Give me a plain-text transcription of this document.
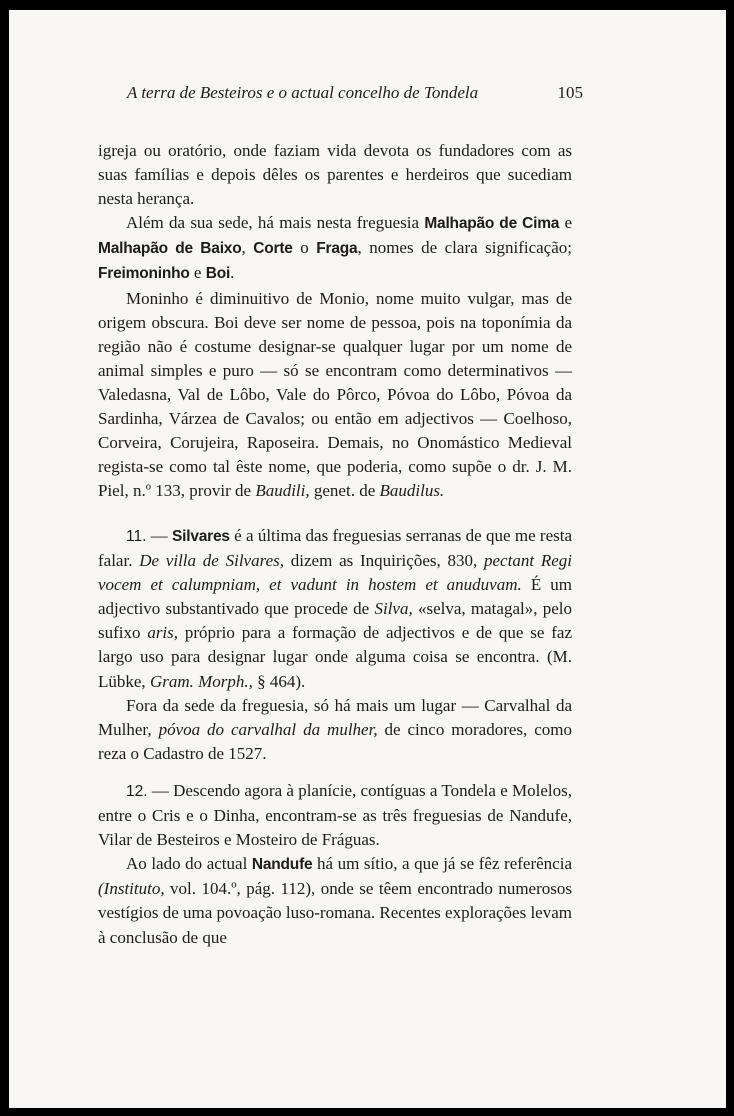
A terra de Besteiros e o actual concelho de Tondela	105

igreja ou oratório, onde faziam vida devota os fundadores com as suas famílias e depois dêles os parentes e herdeiros que sucediam nesta herança.

Além da sua sede, há mais nesta freguesia Malhapão de Cima e Malhapão de Baixo, Corte o Fraga, nomes de clara significação; Freimoninho e Boi.

Moninho é diminuitivo de Monio, nome muito vulgar, mas de origem obscura. Boi deve ser nome de pessoa, pois na toponímia da região não é costume designar-se qualquer lugar por um nome de animal simples e puro — só se encontram como determinativos — Valedasna, Val de Lôbo, Vale do Pôrco, Póvoa do Lôbo, Póvoa da Sardinha, Várzea de Cavalos; ou então em adjectivos — Coelhoso, Corveira, Corujeira, Raposeira. Demais, no Onomástico Medieval regista-se como tal êste nome, que poderia, como supõe o dr. J. M. Piel, n.º 133, provir de Baudili, genet. de Baudilus.

11. — Silvares é a última das freguesias serranas de que me resta falar. De villa de Silvares, dizem as Inquirições, 830, pectant Regi vocem et calumpniam, et vadunt in hostem et anuduvam. É um adjectivo substantivado que procede de Silva, «selva, matagal», pelo sufixo aris, próprio para a formação de adjectivos e de que se faz largo uso para designar lugar onde alguma coisa se encontra. (M. Lübke, Gram. Morph., § 464).

Fora da sede da freguesia, só há mais um lugar — Carvalhal da Mulher, póvoa do carvalhal da mulher, de cinco moradores, como reza o Cadastro de 1527.

12. — Descendo agora à planície, contíguas a Tondela e Molelos, entre o Cris e o Dinha, encontram-se as três freguesias de Nandufe, Vilar de Besteiros e Mosteiro de Fráguas.

Ao lado do actual Nandufe há um sítio, a que já se fêz referência (Instituto, vol. 104.º, pág. 112), onde se têem encontrado numerosos vestígios de uma povoação luso-romana. Recentes explorações levam à conclusão de que
